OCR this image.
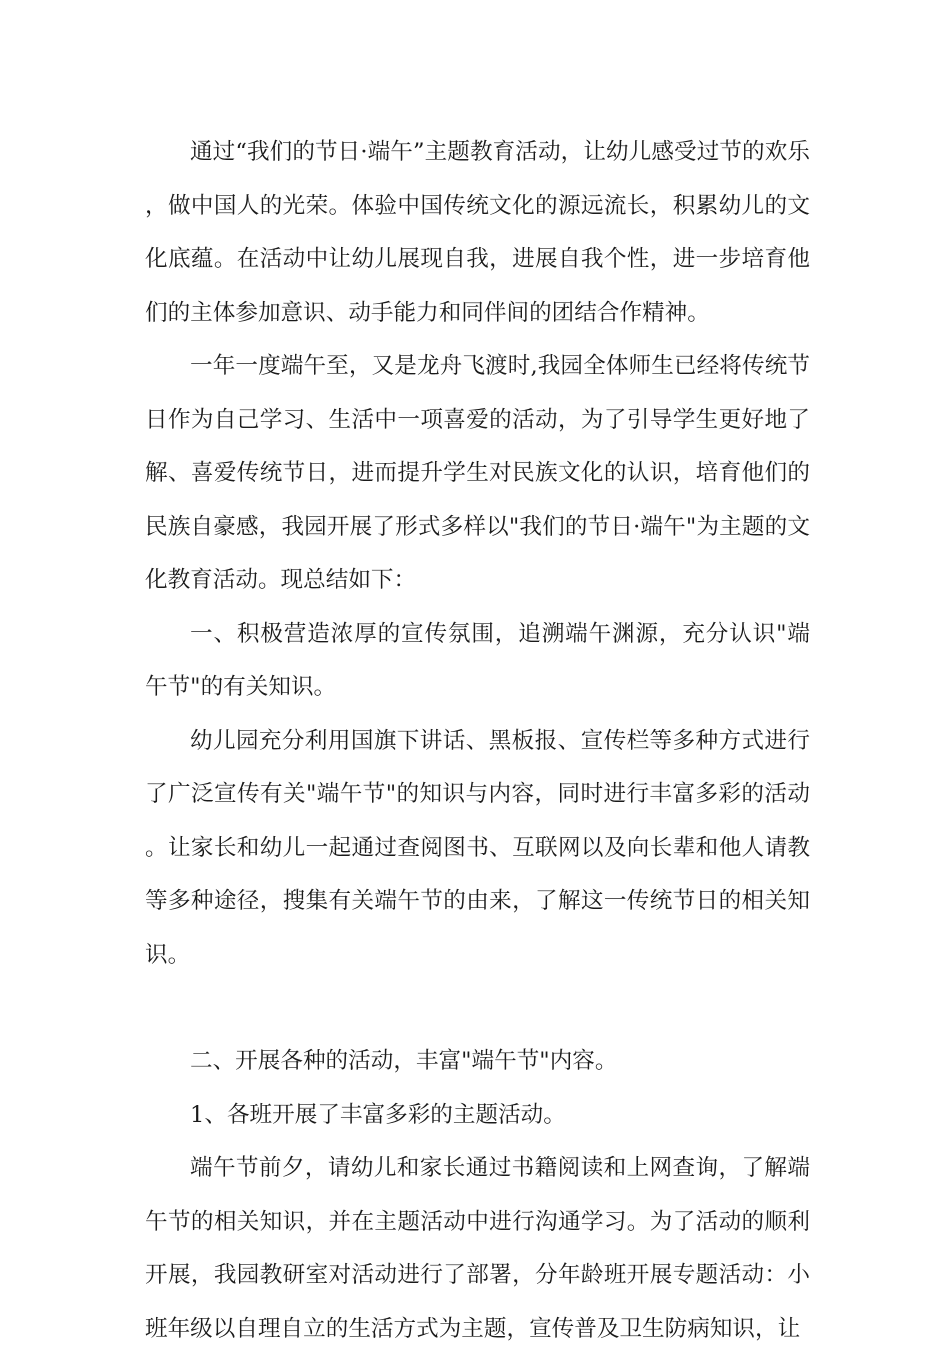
通过“我们的节日·端午”主题教育活动，让幼儿感受过节的欢乐，做中国人的光荣。体验中国传统文化的源远流长，积累幼儿的文化底蕴。在活动中让幼儿展现自我，进展自我个性，进一步培育他们的主体参加意识、动手能力和同伴间的团结合作精神。

一年一度端午至，又是龙舟飞渡时,我园全体师生已经将传统节日作为自己学习、生活中一项喜爱的活动，为了引导学生更好地了解、喜爱传统节日，进而提升学生对民族文化的认识，培育他们的民族自豪感，我园开展了形式多样以"我们的节日·端午"为主题的文化教育活动。现总结如下：

一、积极营造浓厚的宣传氛围，追溯端午渊源，充分认识"端午节"的有关知识。

幼儿园充分利用国旗下讲话、黑板报、宣传栏等多种方式进行了广泛宣传有关"端午节"的知识与内容，同时进行丰富多彩的活动。让家长和幼儿一起通过查阅图书、互联网以及向长辈和他人请教等多种途径，搜集有关端午节的由来，了解这一传统节日的相关知识。

二、开展各种的活动，丰富"端午节"内容。

1、各班开展了丰富多彩的主题活动。

端午节前夕，请幼儿和家长通过书籍阅读和上网查询，了解端午节的相关知识，并在主题活动中进行沟通学习。为了活动的顺利开展，我园教研室对活动进行了部署，分年龄班开展专题活动：小班年级以自理自立的生活方式为主题，宣传普及卫生防病知识，让
